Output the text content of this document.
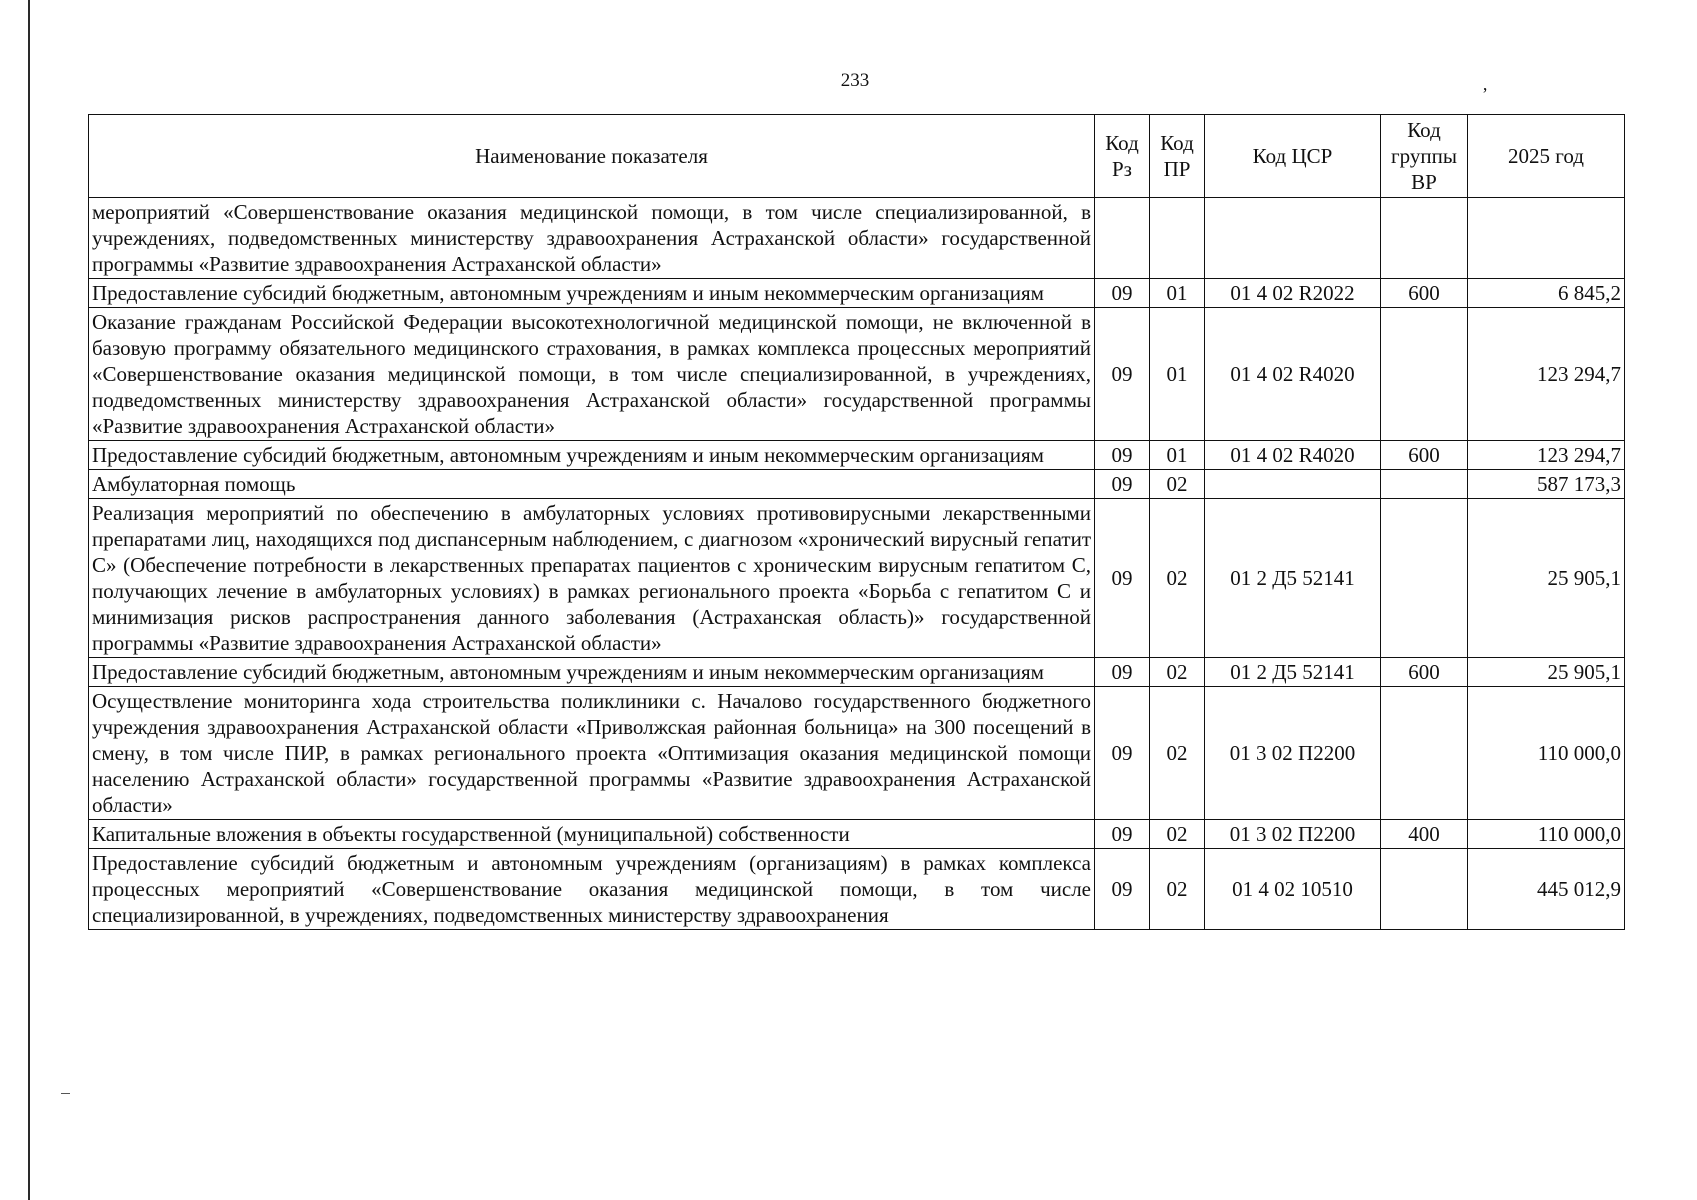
233	‚
Наименование показателя	Код Рз	Код ПР	Код ЦСР	Код группы ВР	2025 год
мероприятий «Совершенствование оказания медицинской помощи, в том числе специализированной, в учреждениях, подведомственных министерству здравоохранения Астраханской области» государственной программы «Развитие здравоохранения Астраханской области»					
Предоставление субсидий бюджетным, автономным учреждениям и иным некоммерческим организациям	09	01	01 4 02 R2022	600	6 845,2
Оказание гражданам Российской Федерации высокотехнологичной медицинской помощи, не включенной в базовую программу обязательного медицинского страхования, в рамках комплекса процессных мероприятий «Совершенствование оказания медицинской помощи, в том числе специализированной, в учреждениях, подведомственных министерству здравоохранения Астраханской области» государственной программы «Развитие здравоохранения Астраханской области»	09	01	01 4 02 R4020		123 294,7
Предоставление субсидий бюджетным, автономным учреждениям и иным некоммерческим организациям	09	01	01 4 02 R4020	600	123 294,7
Амбулаторная помощь	09	02			587 173,3
Реализация мероприятий по обеспечению в амбулаторных условиях противовирусными лекарственными препаратами лиц, находящихся под диспансерным наблюдением, с диагнозом «хронический вирусный гепатит С» (Обеспечение потребности в лекарственных препаратах пациентов с хроническим вирусным гепатитом С, получающих лечение в амбулаторных условиях) в рамках регионального проекта «Борьба с гепатитом С и минимизация рисков распространения данного заболевания (Астраханская область)» государственной программы «Развитие здравоохранения Астраханской области»	09	02	01 2 Д5 52141		25 905,1
Предоставление субсидий бюджетным, автономным учреждениям и иным некоммерческим организациям	09	02	01 2 Д5 52141	600	25 905,1
Осуществление мониторинга хода строительства поликлиники с. Началово государственного бюджетного учреждения здравоохранения Астраханской области «Приволжская районная больница» на 300 посещений в смену, в том числе ПИР, в рамках регионального проекта «Оптимизация оказания медицинской помощи населению Астраханской области» государственной программы «Развитие здравоохранения Астраханской области»	09	02	01 3 02 П2200		110 000,0
Капитальные вложения в объекты государственной (муниципальной) собственности	09	02	01 3 02 П2200	400	110 000,0
Предоставление субсидий бюджетным и автономным учреждениям (организациям) в рамках комплекса процессных мероприятий «Совершенствование оказания медицинской помощи, в том числе специализированной, в учреждениях, подведомственных министерству здравоохранения	09	02	01 4 02 10510		445 012,9
